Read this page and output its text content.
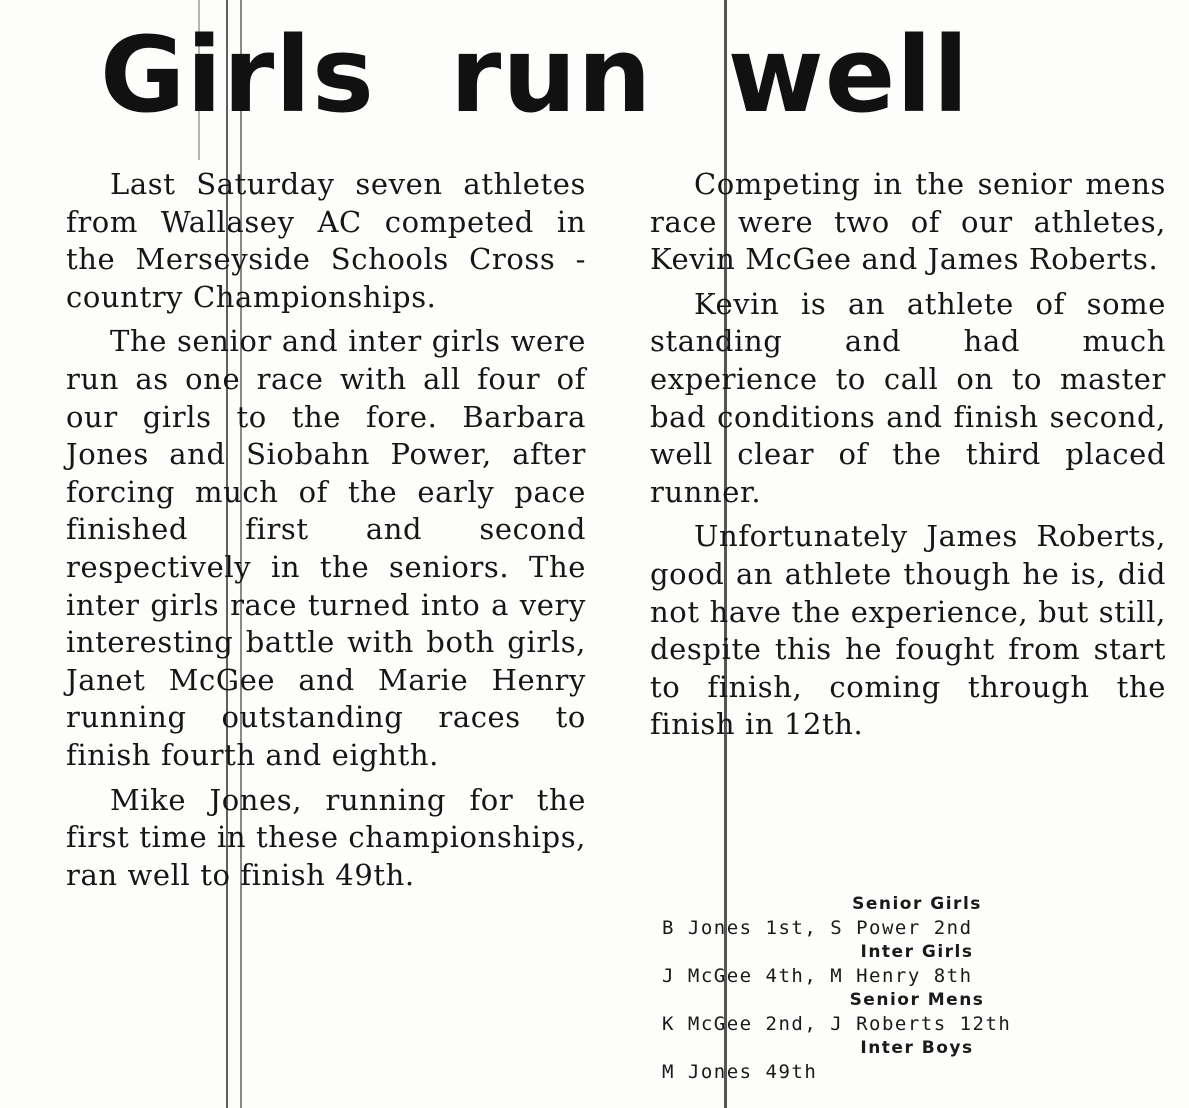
Girls run well

Last Saturday seven athletes from Wallasey AC competed in the Merseyside Schools Cross - country Championships.

The senior and inter girls were run as one race with all four of our girls to the fore. Barbara Jones and Siobahn Power, after forcing much of the early pace finished first and second respectively in the seniors. The inter girls race turned into a very interesting battle with both girls, Janet McGee and Marie Henry running outstanding races to finish fourth and eighth.

Mike Jones, running for the first time in these championships, ran well to finish 49th.

Competing in the senior mens race were two of our athletes, Kevin McGee and James Roberts.

Kevin is an athlete of some standing and had much experience to call on to master bad conditions and finish second, well clear of the third placed runner.

Unfortunately James Roberts, good an athlete though he is, did not have the experience, but still, despite this he fought from start to finish, coming through the finish in 12th.

Senior Girls
B Jones 1st, S Power 2nd
Inter Girls
J McGee 4th, M Henry 8th
Senior Mens
K McGee 2nd, J Roberts 12th
Inter Boys
M Jones 49th
